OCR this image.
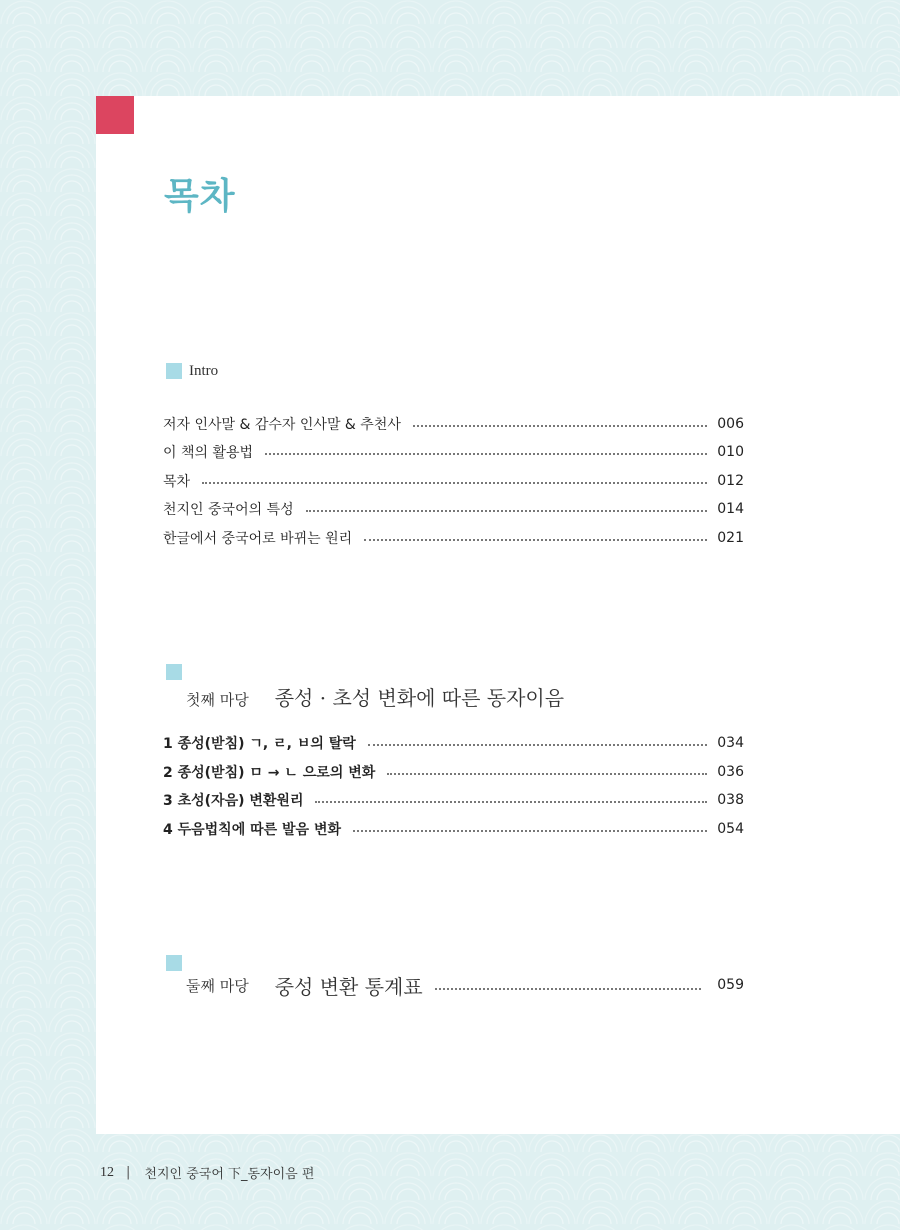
목차
Intro
저자 인사말 & 감수자 인사말 & 추천사	006
이 책의 활용법	010
목차	012
천지인 중국어의 특성	014
한글에서 중국어로 바뀌는 원리	021
첫째 마당 종성 · 초성 변화에 따른 동자이음
1 종성(받침) ㄱ, ㄹ, ㅂ의 탈락	034
2 종성(받침) ㅁ → ㄴ 으로의 변화	036
3 초성(자음) 변환원리	038
4 두음법칙에 따른 발음 변화	054
둘째 마당 중성 변환 통계표	059
12 | 천지인 중국어 下_동자이음 편
